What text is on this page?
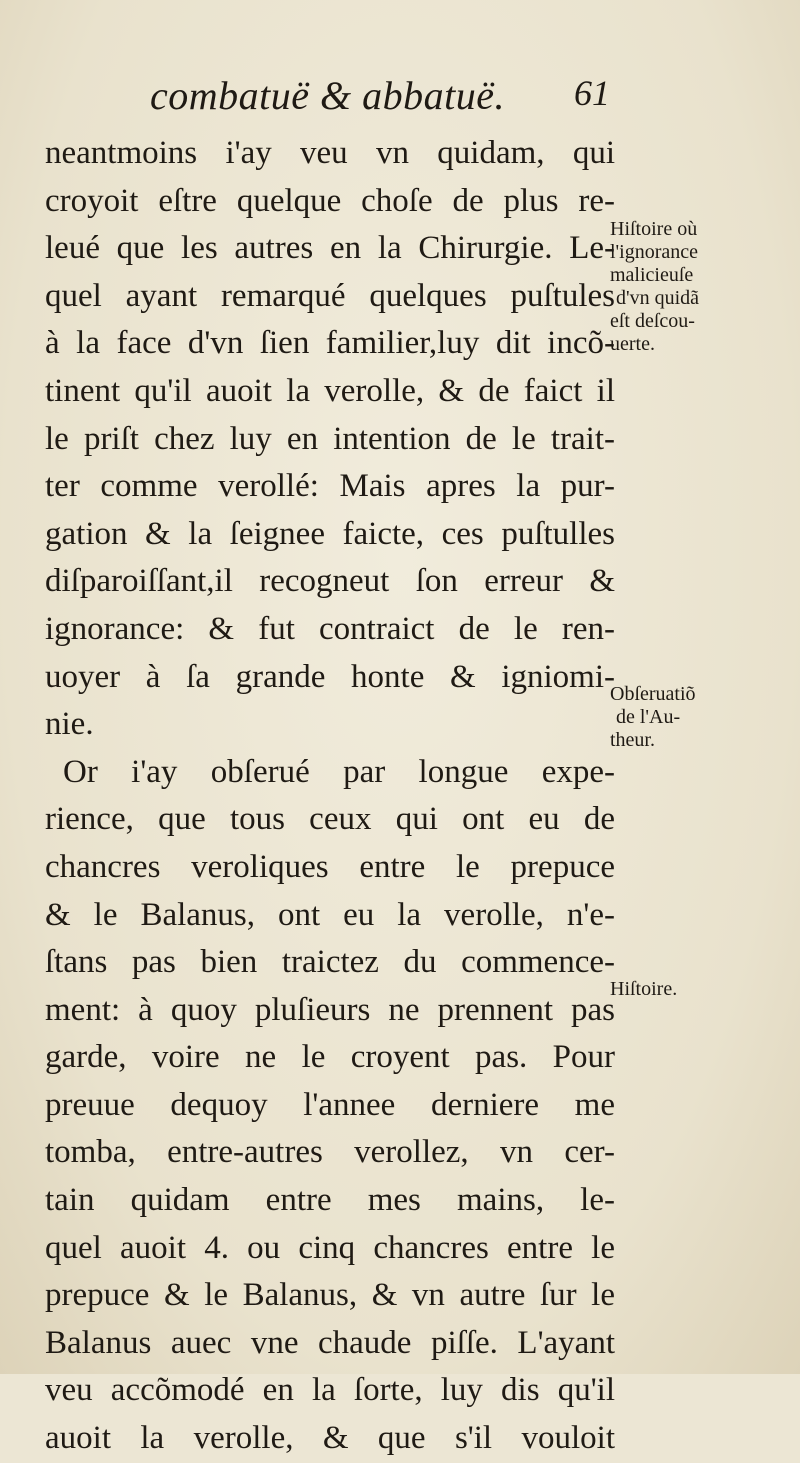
combatuë & abbatuë. 61
neantmoins i'ay veu vn quidam, qui
croyoit eſtre quelque choſe de plus re-
leué que les autres en la Chirurgie. Le-
quel ayant remarqué quelques puſtules
à la face d'vn ſien familier,luy dit incõ-
tinent qu'il auoit la verolle, & de faict il
le priſt chez luy en intention de le trait-
ter comme verollé: Mais apres la pur-
gation & la ſeignee faicte, ces puſtulles
diſparoiſſant,il recogneut ſon erreur &
ignorance: & fut contraict de le ren-
uoyer à ſa grande honte & igniomi-
nie.
Or i'ay obſerué par longue expe-
rience, que tous ceux qui ont eu de
chancres veroliques entre le prepuce
& le Balanus, ont eu la verolle, n'e-
ſtans pas bien traictez du commence-
ment: à quoy pluſieurs ne prennent pas
garde, voire ne le croyent pas. Pour
preuue dequoy l'annee derniere me
tomba, entre-autres verollez, vn cer-
tain quidam entre mes mains, le-
quel auoit 4. ou cinq chancres entre le
prepuce & le Balanus, & vn autre ſur le
Balanus auec vne chaude piſſe. L'ayant
veu accõmodé en la ſorte, luy dis qu'il
auoit la verolle, & que s'il vouloit
Hiſtoire où
l'ignorance
malicieuſe
d'vn quidã
eſt deſcou-
uerte.
Obſeruatiõ
de l'Au-
theur.
Hiſtoire.
